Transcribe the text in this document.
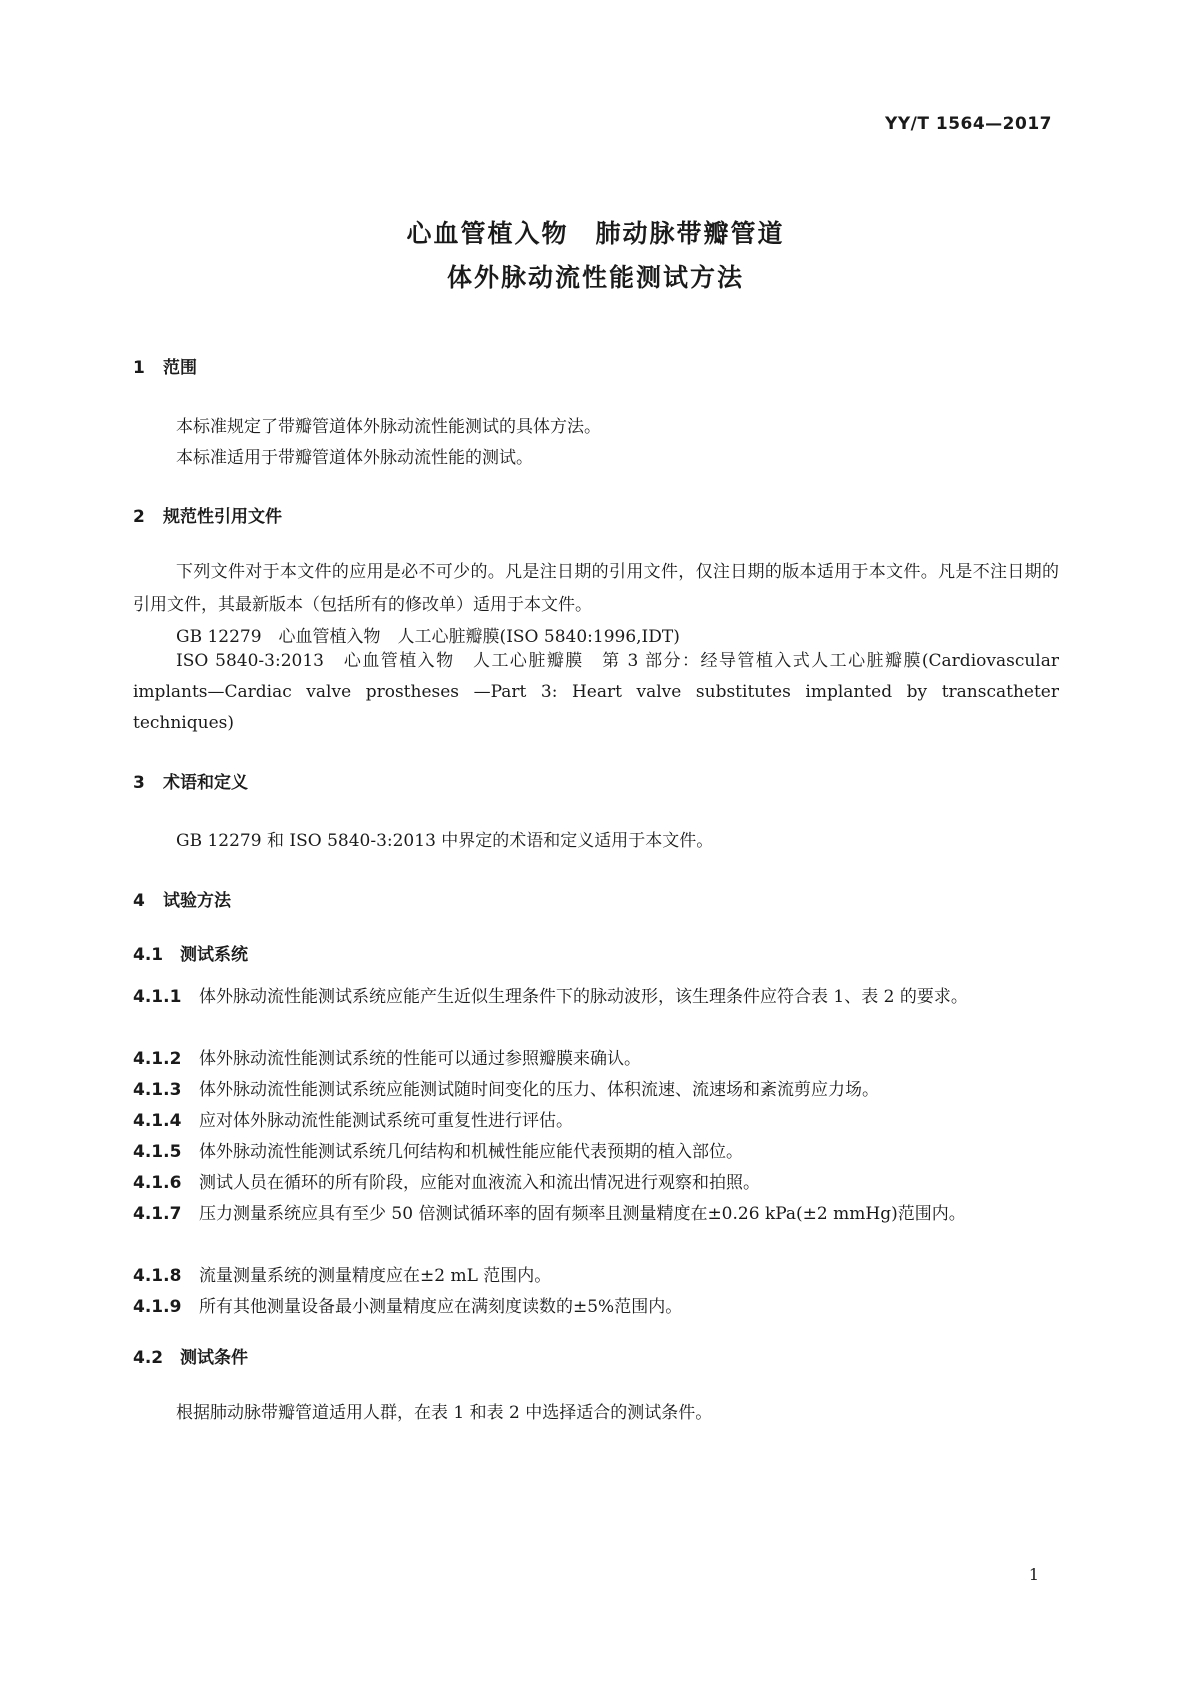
YY/T 1564—2017
心血管植入物　肺动脉带瓣管道
体外脉动流性能测试方法
1 范围
本标准规定了带瓣管道体外脉动流性能测试的具体方法。
本标准适用于带瓣管道体外脉动流性能的测试。
2 规范性引用文件
下列文件对于本文件的应用是必不可少的。凡是注日期的引用文件，仅注日期的版本适用于本文件。凡是不注日期的引用文件，其最新版本（包括所有的修改单）适用于本文件。
GB 12279　心血管植入物　人工心脏瓣膜(ISO 5840:1996,IDT)
ISO 5840-3:2013　心血管植入物　人工心脏瓣膜　第 3 部分：经导管植入式人工心脏瓣膜(Cardiovascular implants—Cardiac valve prostheses —Part 3: Heart valve substitutes implanted by transcatheter techniques)
3 术语和定义
GB 12279 和 ISO 5840-3:2013 中界定的术语和定义适用于本文件。
4 试验方法
4.1 测试系统
4.1.1 体外脉动流性能测试系统应能产生近似生理条件下的脉动波形，该生理条件应符合表 1、表 2 的要求。
4.1.2 体外脉动流性能测试系统的性能可以通过参照瓣膜来确认。
4.1.3 体外脉动流性能测试系统应能测试随时间变化的压力、体积流速、流速场和紊流剪应力场。
4.1.4 应对体外脉动流性能测试系统可重复性进行评估。
4.1.5 体外脉动流性能测试系统几何结构和机械性能应能代表预期的植入部位。
4.1.6 测试人员在循环的所有阶段，应能对血液流入和流出情况进行观察和拍照。
4.1.7 压力测量系统应具有至少 50 倍测试循环率的固有频率且测量精度在±0.26 kPa(±2 mmHg)范围内。
4.1.8 流量测量系统的测量精度应在±2 mL 范围内。
4.1.9 所有其他测量设备最小测量精度应在满刻度读数的±5%范围内。
4.2 测试条件
根据肺动脉带瓣管道适用人群，在表 1 和表 2 中选择适合的测试条件。
1
